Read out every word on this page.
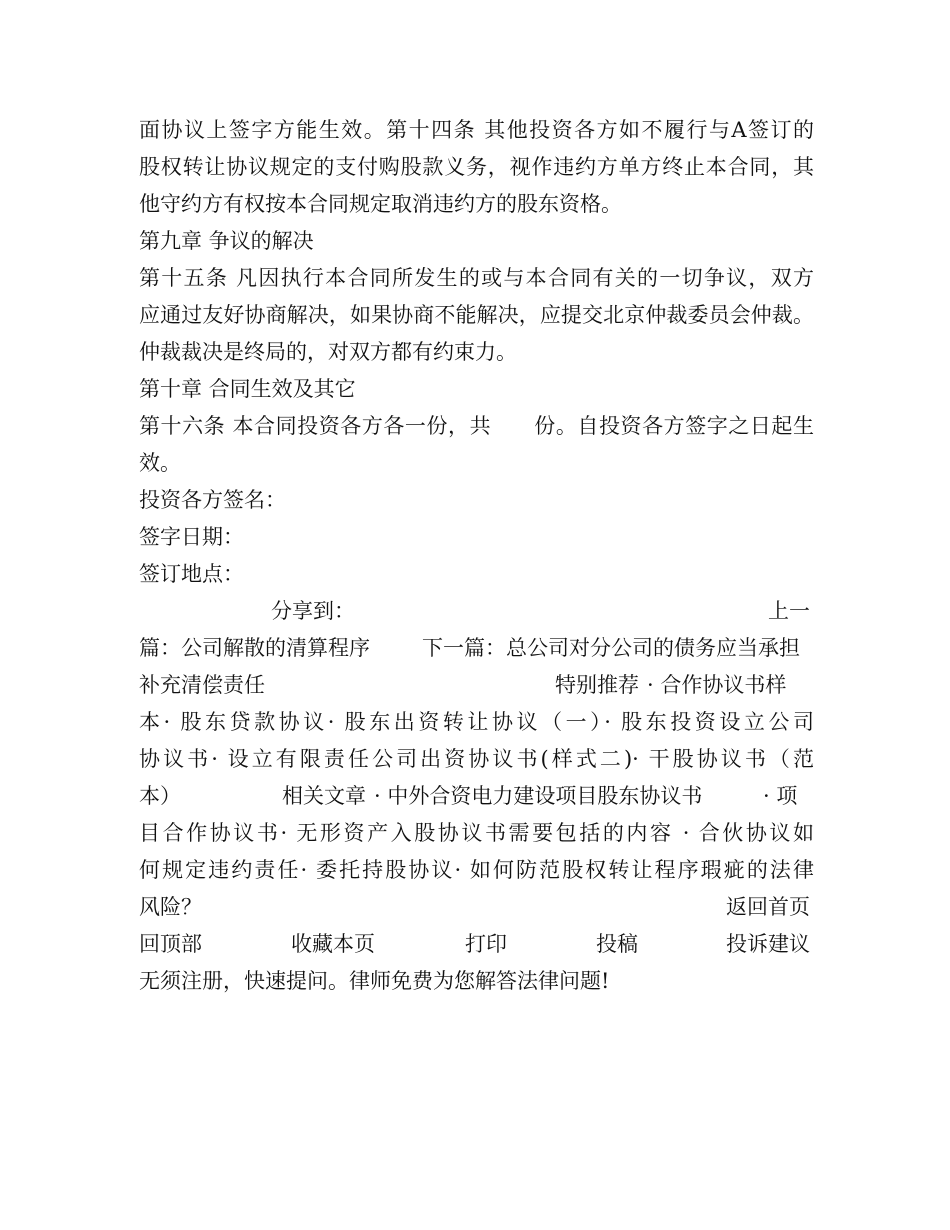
面协议上签字方能生效。第十四条 其他投资各方如不履行与A签订的
股权转让协议规定的支付购股款义务，视作违约方单方终止本合同，其
他守约方有权按本合同规定取消违约方的股东资格。
第九章 争议的解决
第十五条 凡因执行本合同所发生的或与本合同有关的一切争议，双方
应通过友好协商解决，如果协商不能解决，应提交北京仲裁委员会仲裁。
仲裁裁决是终局的，对双方都有约束力。
第十章 合同生效及其它
第十六条 本合同投资各方各一份，共　　份。自投资各方签字之日起生
效。
投资各方签名：
签字日期：
签订地点：
分享到：	上一
篇：公司解散的清算程序 下一篇：总公司对分公司的债务应当承担
补充清偿责任	特别推荐 · 合作协议书样
本· 股东贷款协议· 股东出资转让协议（一）· 股东投资设立公司
协议书· 设立有限责任公司出资协议书(样式二)· 干股协议书（范
本）	相关文章 · 中外合资电力建设项目股东协议书	· 项
目合作协议书· 无形资产入股协议书需要包括的内容 · 合伙协议如
何规定违约责任· 委托持股协议· 如何防范股权转让程序瑕疵的法律
风险？	返回首页
回顶部	收藏本页	打印	投稿	投诉建议
无须注册，快速提问。律师免费为您解答法律问题!
